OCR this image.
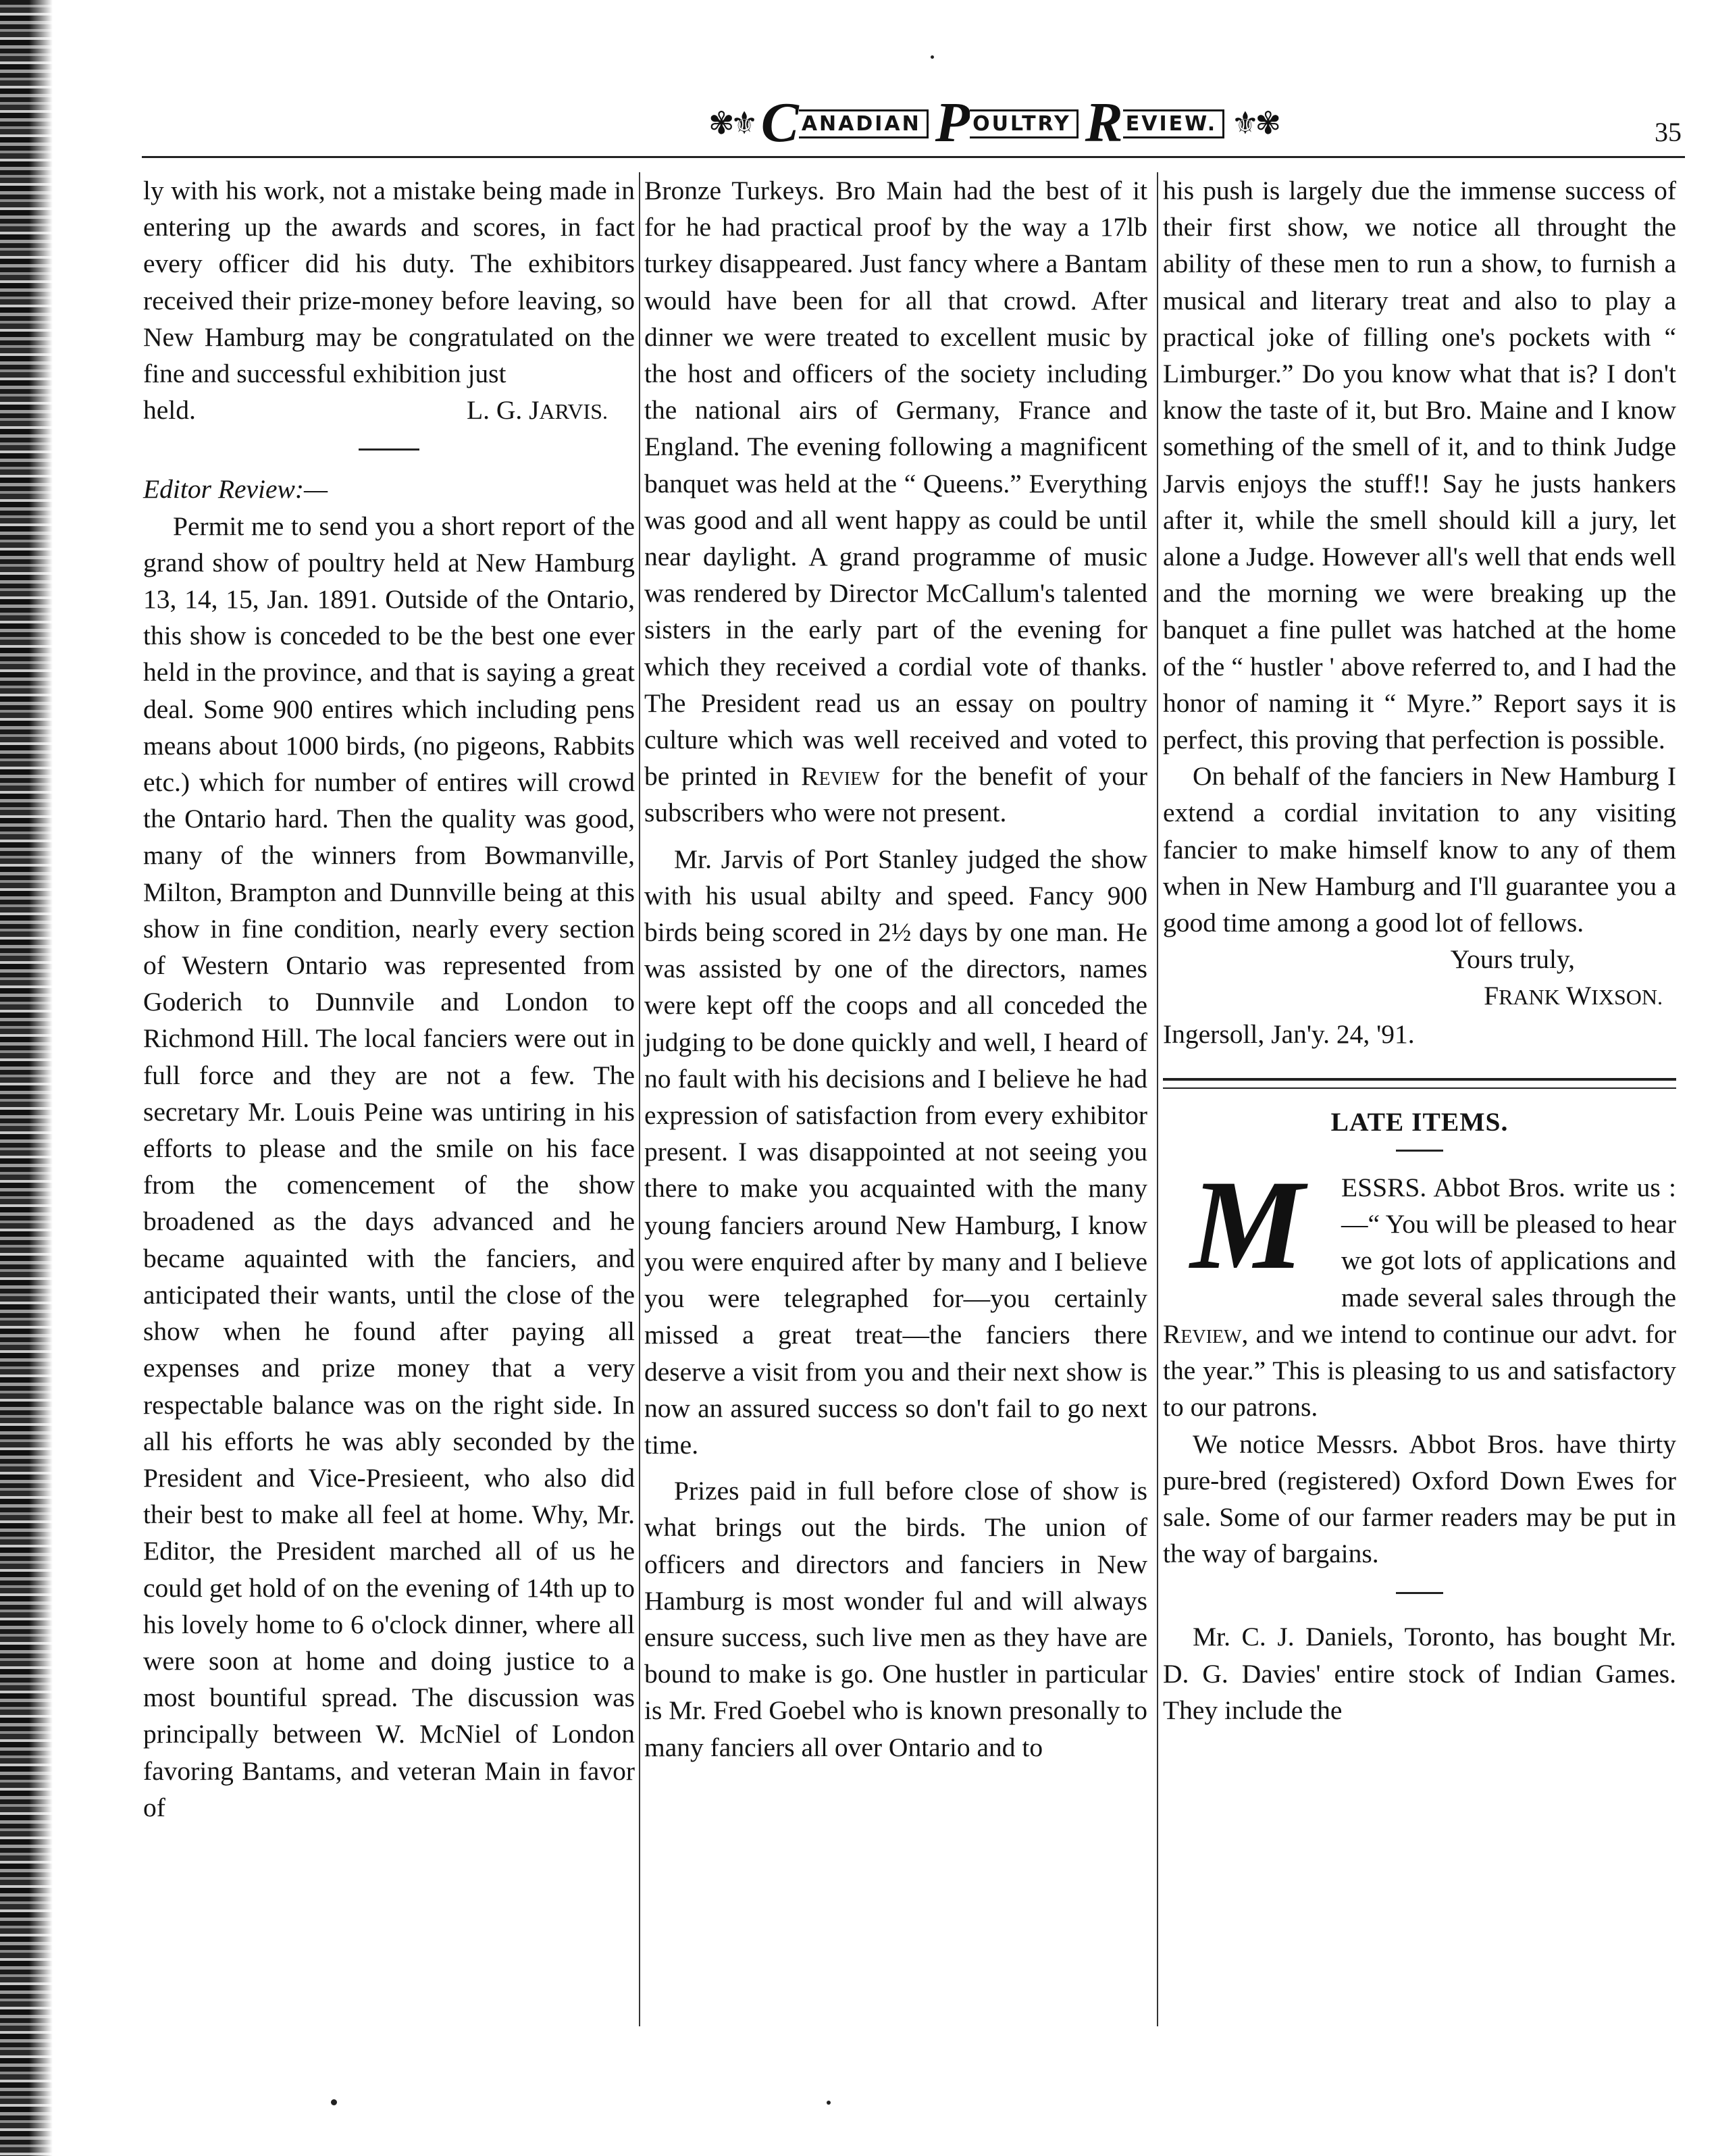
✾⚜ C ANADIAN P OULTRY R EVIEW. ⚜✾	35

ly with his work, not a mistake being made in entering up the awards and scores, in fact every officer did his duty. The exhibitors received their prize-money before leaving, so New Hamburg may be congratulated on the fine and successful exhibition just

held.	L. G. JARVIS.

Editor Review:—

Permit me to send you a short report of the grand show of poultry held at New Hamburg 13, 14, 15, Jan. 1891. Outside of the Ontario, this show is conceded to be the best one ever held in the province, and that is saying a great deal. Some 900 entires which including pens means about 1000 birds, (no pigeons, Rabbits etc.) which for number of entires will crowd the Ontario hard. Then the quality was good, many of the winners from Bowmanville, Milton, Brampton and Dunnville being at this show in fine condition, nearly every section of Western Ontario was represented from Goderich to Dunnvile and London to Richmond Hill. The local fanciers were out in full force and they are not a few. The secretary Mr. Louis Peine was untiring in his efforts to please and the smile on his face from the comencement of the show broadened as the days advanced and he became aquainted with the fanciers, and anticipated their wants, until the close of the show when he found after paying all expenses and prize money that a very respectable balance was on the right side. In all his efforts he was ably seconded by the President and Vice-Presieent, who also did their best to make all feel at home. Why, Mr. Editor, the President marched all of us he could get hold of on the evening of 14th up to his lovely home to 6 o'clock dinner, where all were soon at home and doing justice to a most bountiful spread. The discussion was principally between W. McNiel of London favoring Bantams, and veteran Main in favor of

Bronze Turkeys. Bro Main had the best of it for he had practical proof by the way a 17lb turkey disappeared. Just fancy where a Bantam would have been for all that crowd. After dinner we were treated to excellent music by the host and officers of the society including the national airs of Germany, France and England. The evening following a magnificent banquet was held at the “ Queens.” Everything was good and all went happy as could be until near daylight. A grand programme of music was rendered by Director McCallum's talented sisters in the early part of the evening for which they received a cordial vote of thanks. The President read us an essay on poultry culture which was well received and voted to be printed in Review for the benefit of your subscribers who were not present.

Mr. Jarvis of Port Stanley judged the show with his usual abilty and speed. Fancy 900 birds being scored in 2½ days by one man. He was assisted by one of the directors, names were kept off the coops and all conceded the judging to be done quickly and well, I heard of no fault with his decisions and I believe he had expression of satisfaction from every exhibitor present. I was disappointed at not seeing you there to make you acquainted with the many young fanciers around New Hamburg, I know you were enquired after by many and I believe you were telegraphed for—you certainly missed a great treat—the fanciers there deserve a visit from you and their next show is now an assured success so don't fail to go next time.

Prizes paid in full before close of show is what brings out the birds. The union of officers and directors and fanciers in New Hamburg is most wonder ful and will always ensure success, such live men as they have are bound to make is go. One hustler in particular is Mr. Fred Goebel who is known presonally to many fanciers all over Ontario and to

his push is largely due the immense success of their first show, we notice all throught the ability of these men to run a show, to furnish a musical and literary treat and also to play a practical joke of filling one's pockets with “ Limburger.” Do you know what that is? I don't know the taste of it, but Bro. Maine and I know something of the smell of it, and to think Judge Jarvis enjoys the stuff!! Say he justs hankers after it, while the smell should kill a jury, let alone a Judge. However all's well that ends well and the morning we were breaking up the banquet a fine pullet was hatched at the home of the “ hustler ' above referred to, and I had the honor of naming it “ Myre.” Report says it is perfect, this proving that perfection is possible.

On behalf of the fanciers in New Hamburg I extend a cordial invitation to any visiting fancier to make himself know to any of them when in New Hamburg and I'll guarantee you a good time among a good lot of fellows.

Yours truly,

FRANK WIXSON.

Ingersoll, Jan'y. 24, '91.

LATE ITEMS.

M	ESSRS. Abbot Bros. write us :—“ You will be pleased to hear we got lots of applications and made several sales through the Review, and we intend to continue our advt. for the year.” This is pleasing to us and satisfactory to our patrons.

We notice Messrs. Abbot Bros. have thirty pure-bred (registered) Oxford Down Ewes for sale. Some of our farmer readers may be put in the way of bargains.

Mr. C. J. Daniels, Toronto, has bought Mr. D. G. Davies' entire stock of Indian Games. They include the
